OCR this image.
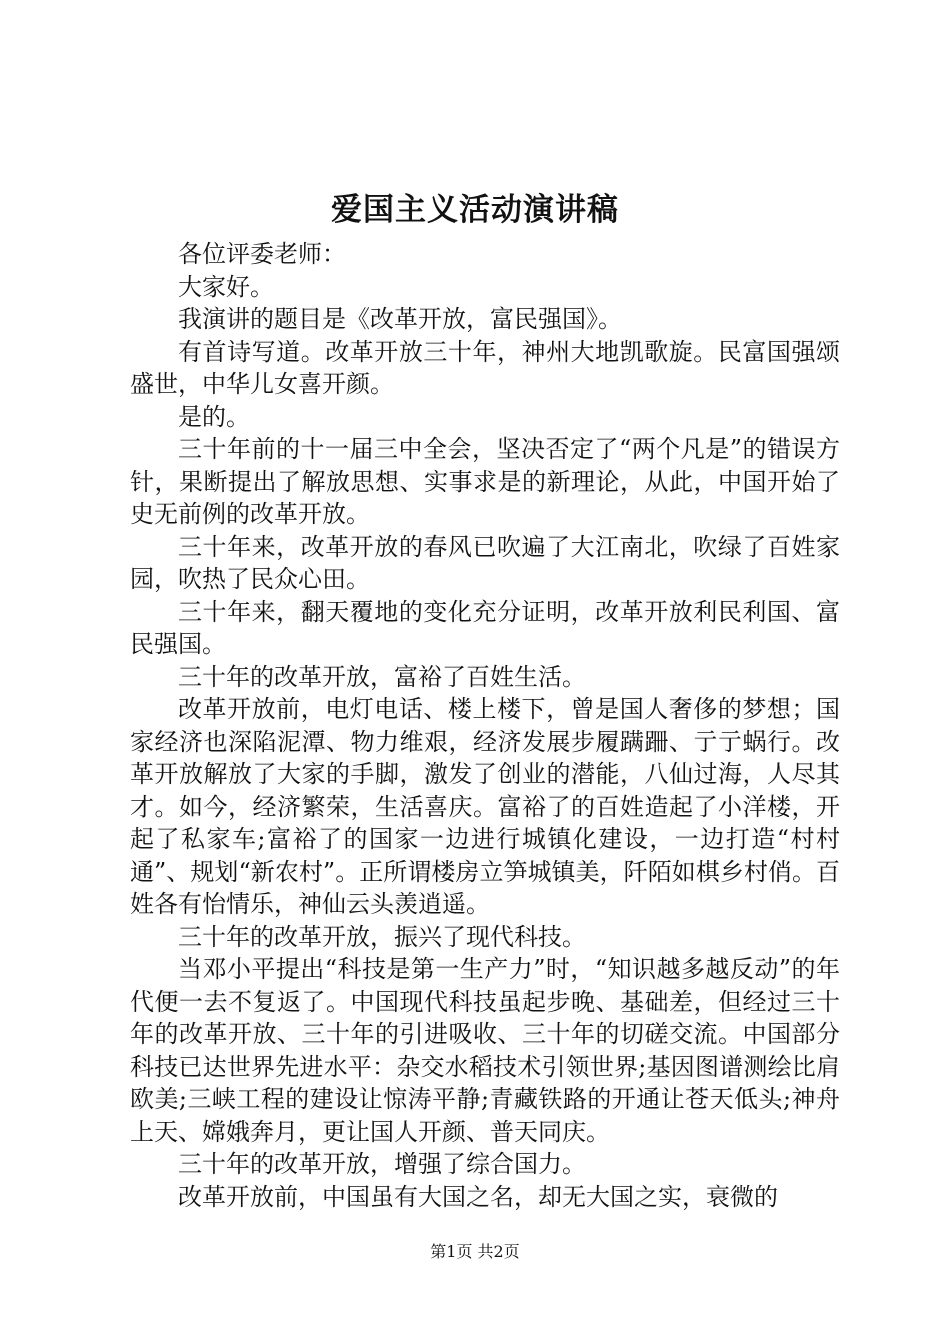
爱国主义活动演讲稿

各位评委老师：

大家好。

我演讲的题目是《改革开放，富民强国》。

有首诗写道。改革开放三十年，神州大地凯歌旋。民富国强颂盛世，中华儿女喜开颜。

是的。

三十年前的十一届三中全会，坚决否定了“两个凡是”的错误方针，果断提出了解放思想、实事求是的新理论，从此，中国开始了史无前例的改革开放。

三十年来，改革开放的春风已吹遍了大江南北，吹绿了百姓家园，吹热了民众心田。

三十年来，翻天覆地的变化充分证明，改革开放利民利国、富民强国。

三十年的改革开放，富裕了百姓生活。

改革开放前，电灯电话、楼上楼下，曾是国人奢侈的梦想；国家经济也深陷泥潭、物力维艰，经济发展步履蹒跚、亍亍蜗行。改革开放解放了大家的手脚，激发了创业的潜能，八仙过海，人尽其才。如今，经济繁荣，生活喜庆。富裕了的百姓造起了小洋楼，开起了私家车;富裕了的国家一边进行城镇化建设，一边打造“村村通”、规划“新农村”。正所谓楼房立笋城镇美，阡陌如棋乡村俏。百姓各有怡情乐，神仙云头羡逍遥。

三十年的改革开放，振兴了现代科技。

当邓小平提出“科技是第一生产力”时，“知识越多越反动”的年代便一去不复返了。中国现代科技虽起步晚、基础差，但经过三十年的改革开放、三十年的引进吸收、三十年的切磋交流。中国部分科技已达世界先进水平：杂交水稻技术引领世界;基因图谱测绘比肩欧美;三峡工程的建设让惊涛平静;青藏铁路的开通让苍天低头;神舟上天、嫦娥奔月，更让国人开颜、普天同庆。

三十年的改革开放，增强了综合国力。

改革开放前，中国虽有大国之名，却无大国之实，衰微的

第1页 共2页
